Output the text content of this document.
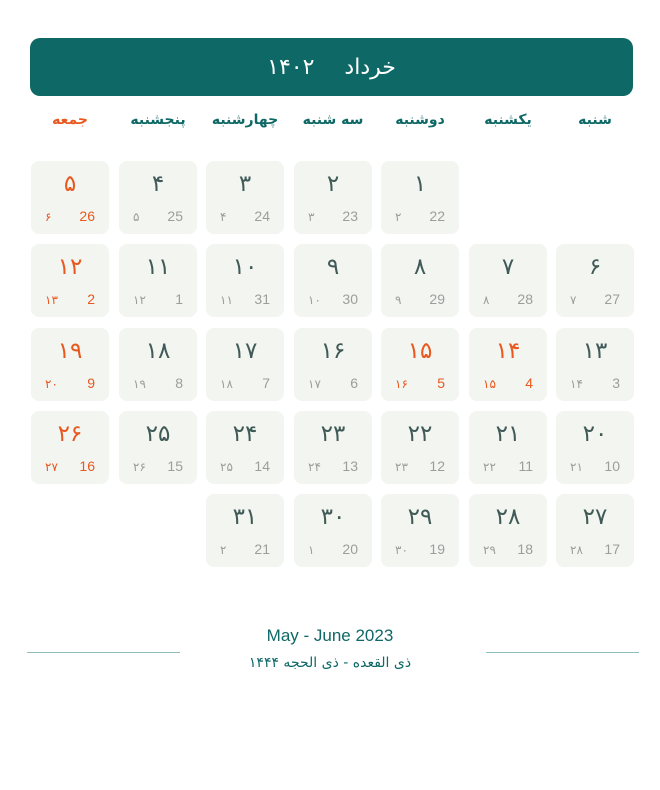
خرداد
۱۴۰۲
شنبه
یکشنبه
دوشنبه
سه شنبه
چهارشنبه
پنجشنبه
جمعه
۱
22
۲
۲
23
۳
۳
24
۴
۴
25
۵
۵
26
۶
۶
27
۷
۷
28
۸
۸
29
۹
۹
30
۱۰
۱۰
31
۱۱
۱۱
1
۱۲
۱۲
2
۱۳
۱۳
3
۱۴
۱۴
4
۱۵
۱۵
5
۱۶
۱۶
6
۱۷
۱۷
7
۱۸
۱۸
8
۱۹
۱۹
9
۲۰
۲۰
10
۲۱
۲۱
11
۲۲
۲۲
12
۲۳
۲۳
13
۲۴
۲۴
14
۲۵
۲۵
15
۲۶
۲۶
16
۲۷
۲۷
17
۲۸
۲۸
18
۲۹
۲۹
19
۳۰
۳۰
20
۱
۳۱
21
۲
May - June 2023
ذی القعده - ذی الحجه ۱۴۴۴
